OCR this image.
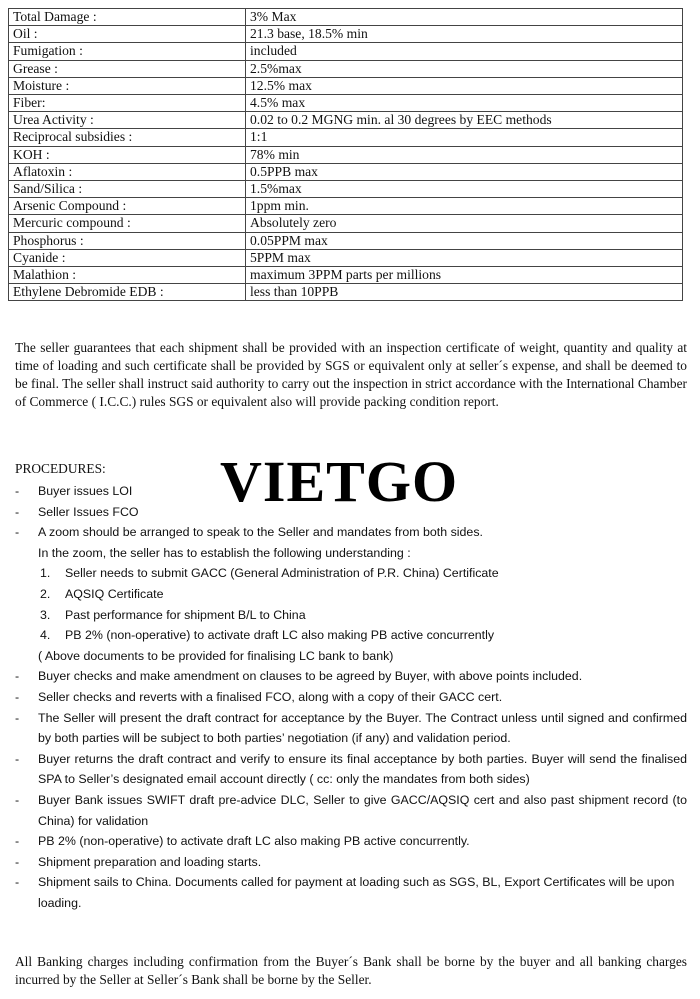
Total Damage :	3% Max
Oil :	21.3 base, 18.5% min
Fumigation :	included
Grease :	2.5%max
Moisture :	12.5% max
Fiber:	4.5% max
Urea Activity :	0.02 to 0.2 MGNG min. al 30 degrees by EEC methods
Reciprocal subsidies :	1:1
KOH :	78% min
Aflatoxin :	0.5PPB max
Sand/Silica :	1.5%max
Arsenic Compound :	1ppm min.
Mercuric compound :	Absolutely zero
Phosphorus :	0.05PPM max
Cyanide :	5PPM max
Malathion :	maximum 3PPM parts per millions
Ethylene Debromide EDB :	less than 10PPB

The seller guarantees that each shipment shall be provided with an inspection certificate of weight, quantity and quality at time of loading and such certificate shall be provided by SGS or equivalent only at seller´s expense, and shall be deemed to be final. The seller shall instruct said authority to carry out the inspection in strict accordance with the International Chamber of Commerce ( I.C.C.) rules SGS or equivalent also will provide packing condition report.

PROCEDURES: VIETGO
- Buyer issues LOI
- Seller Issues FCO
- A zoom should be arranged to speak to the Seller and mandates from both sides.
In the zoom, the seller has to establish the following understanding :
1. Seller needs to submit GACC (General Administration of P.R. China) Certificate
2. AQSIQ Certificate
3. Past performance for shipment B/L to China
4. PB 2% (non-operative) to activate draft LC also making PB active concurrently
( Above documents to be provided for finalising LC bank to bank)
- Buyer checks and make amendment on clauses to be agreed by Buyer, with above points included.
- Seller checks and reverts with a finalised FCO, along with a copy of their GACC cert.
- The Seller will present the draft contract for acceptance by the Buyer. The Contract unless until signed and confirmed by both parties will be subject to both parties’ negotiation (if any) and validation period.
- Buyer returns the draft contract and verify to ensure its final acceptance by both parties. Buyer will send the finalised SPA to Seller’s designated email account directly ( cc: only the mandates from both sides)
- Buyer Bank issues SWIFT draft pre-advice DLC, Seller to give GACC/AQSIQ cert and also past shipment record (to China) for validation
- PB 2% (non-operative) to activate draft LC also making PB active concurrently.
- Shipment preparation and loading starts.
- Shipment sails to China. Documents called for payment at loading such as SGS, BL, Export Certificates will be upon loading.

All Banking charges including confirmation from the Buyer´s Bank shall be borne by the buyer and all banking charges incurred by the Seller at Seller´s Bank shall be borne by the Seller.
